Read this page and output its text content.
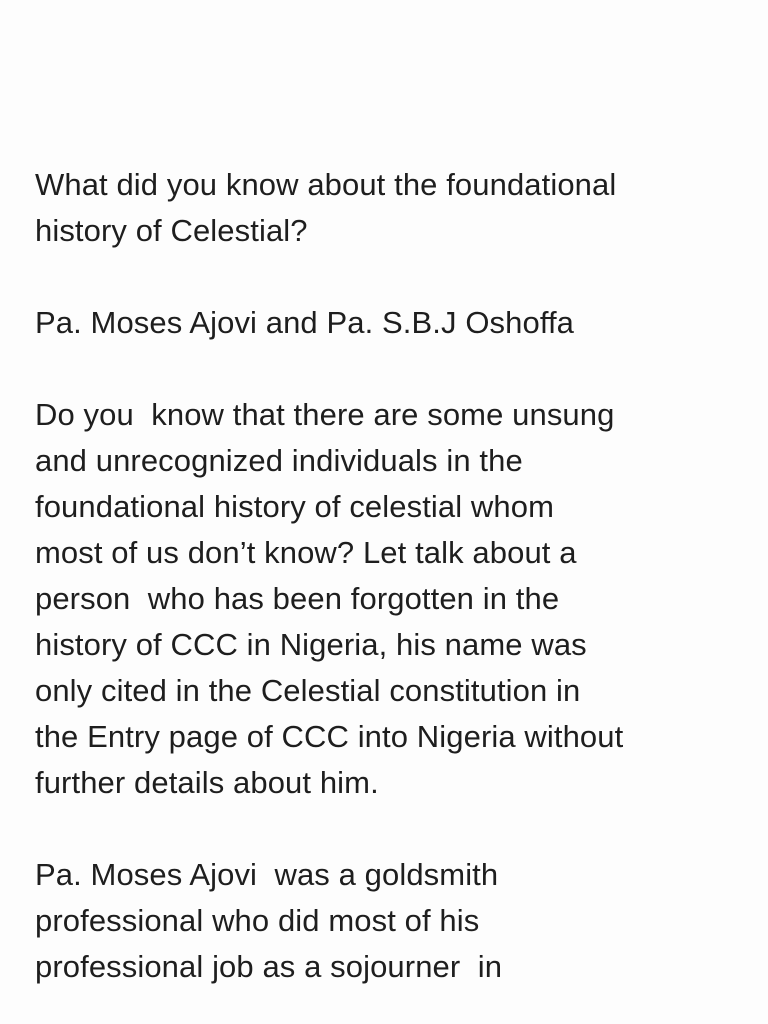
What did you know about the foundational
history of Celestial?

Pa. Moses Ajovi and Pa. S.B.J Oshoffa

Do you  know that there are some unsung
and unrecognized individuals in the
foundational history of celestial whom
most of us don’t know? Let talk about a
person  who has been forgotten in the
history of CCC in Nigeria, his name was
only cited in the Celestial constitution in
the Entry page of CCC into Nigeria without
further details about him.

Pa. Moses Ajovi  was a goldsmith
professional who did most of his
professional job as a sojourner  in
